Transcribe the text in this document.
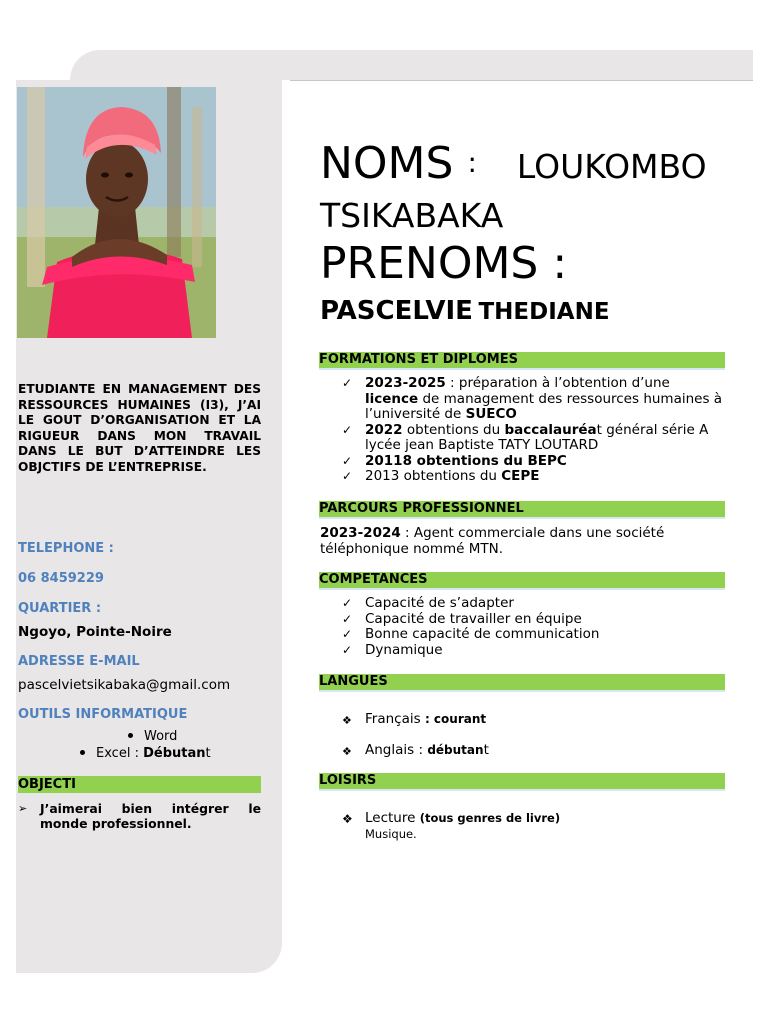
ETUDIANTE EN MANAGEMENT DES RESSOURCES HUMAINES (I3), J’AI LE GOUT D’ORGANISATION ET LA RIGUEUR DANS MON TRAVAIL DANS LE BUT D’ATTEINDRE LES OBJCTIFS DE L’ENTREPRISE.
TELEPHONE :
06 8459229
QUARTIER :
Ngoyo, Pointe-Noire
ADRESSE E-MAIL
pascelvietsikabaka@gmail.com
OUTILS INFORMATIQUE
Word
Excel : Débutant
OBJECTI
➢ J’aimerai bien intégrer le monde professionnel.
NOMS : LOUKOMBO
TSIKABAKA
PRENOMS :
PASCELVIE THEDIANE
FORMATIONS ET DIPLOMES
✓ 2023-2025 : préparation à l’obtention d’une licence de management des ressources humaines à l’université de SUECO
✓ 2022 obtentions du baccalauréat général série A lycée jean Baptiste TATY LOUTARD
✓ 20118 obtentions du BEPC
✓ 2013 obtentions du CEPE
PARCOURS PROFESSIONNEL
2023-2024 : Agent commerciale dans une société téléphonique nommé MTN.
COMPETANCES
✓ Capacité de s’adapter
✓ Capacité de travailler en équipe
✓ Bonne capacité de communication
✓ Dynamique
LANGUES
❖ Français : courant
❖ Anglais : débutant
LOISIRS
❖ Lecture (tous genres de livre)
Musique.
